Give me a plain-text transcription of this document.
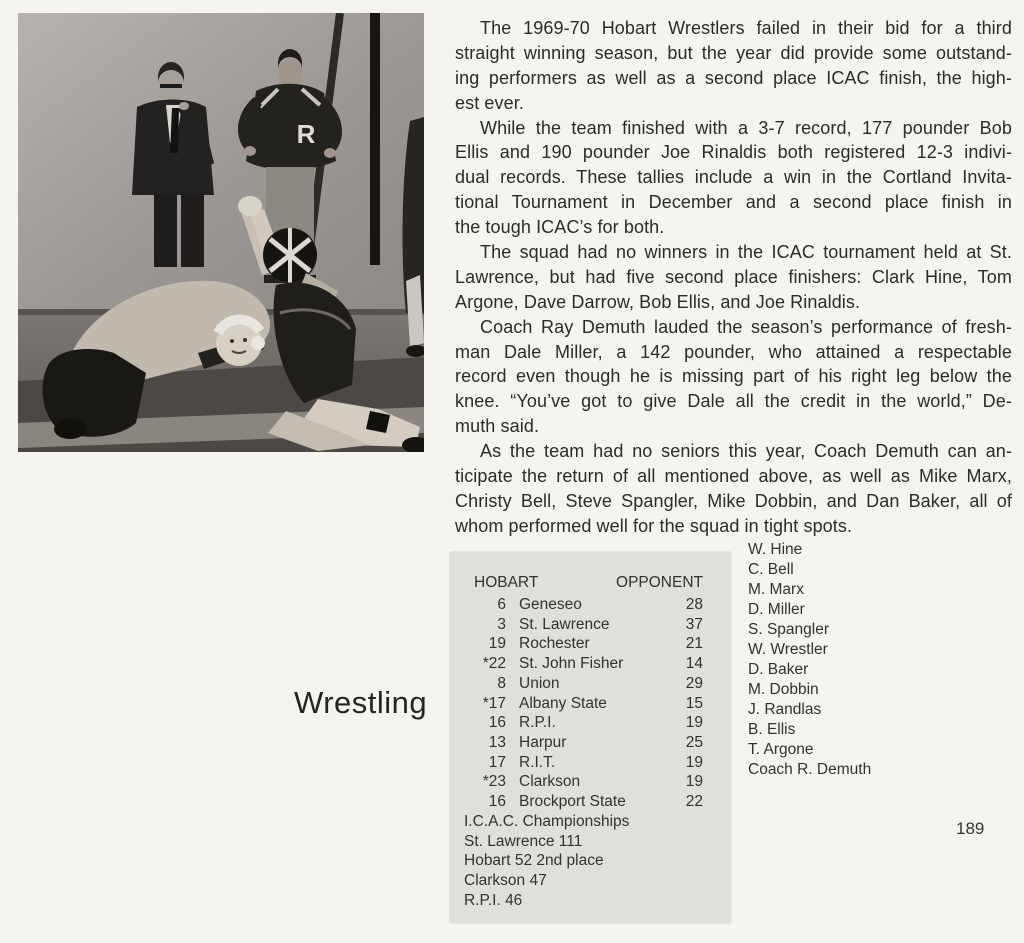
R
The 1969-70 Hobart Wrestlers failed in their bid for a third
straight winning season, but the year did provide some outstand-
ing performers as well as a second place ICAC finish, the high-
est ever.
While the team finished with a 3-7 record, 177 pounder Bob
Ellis and 190 pounder Joe Rinaldis both registered 12-3 indivi-
dual records. These tallies include a win in the Cortland Invita-
tional Tournament in December and a second place finish in
the tough ICAC’s for both.
The squad had no winners in the ICAC tournament held at St.
Lawrence, but had five second place finishers: Clark Hine, Tom
Argone, Dave Darrow, Bob Ellis, and Joe Rinaldis.
Coach Ray Demuth lauded the season’s performance of fresh-
man Dale Miller, a 142 pounder, who attained a respectable
record even though he is missing part of his right leg below the
knee. “You’ve got to give Dale all the credit in the world,” De-
muth said.
As the team had no seniors this year, Coach Demuth can an-
ticipate the return of all mentioned above, as well as Mike Marx,
Christy Bell, Steve Spangler, Mike Dobbin, and Dan Baker, all of
whom performed well for the squad in tight spots.
Wrestling
HOBART	OPPONENT
6 Geneseo	28
3 St. Lawrence	37
19 Rochester	21
*22 St. John Fisher	14
8 Union	29
*17 Albany State	15
16 R.P.I.	19
13 Harpur	25
17 R.I.T.	19
*23 Clarkson	19
16 Brockport State	22
I.C.A.C. Championships
St. Lawrence 111
Hobart 52 2nd place
Clarkson 47
R.P.I. 46
W. Hine
C. Bell
M. Marx
D. Miller
S. Spangler
W. Wrestler
D. Baker
M. Dobbin
J. Randlas
B. Ellis
T. Argone
Coach R. Demuth
189
